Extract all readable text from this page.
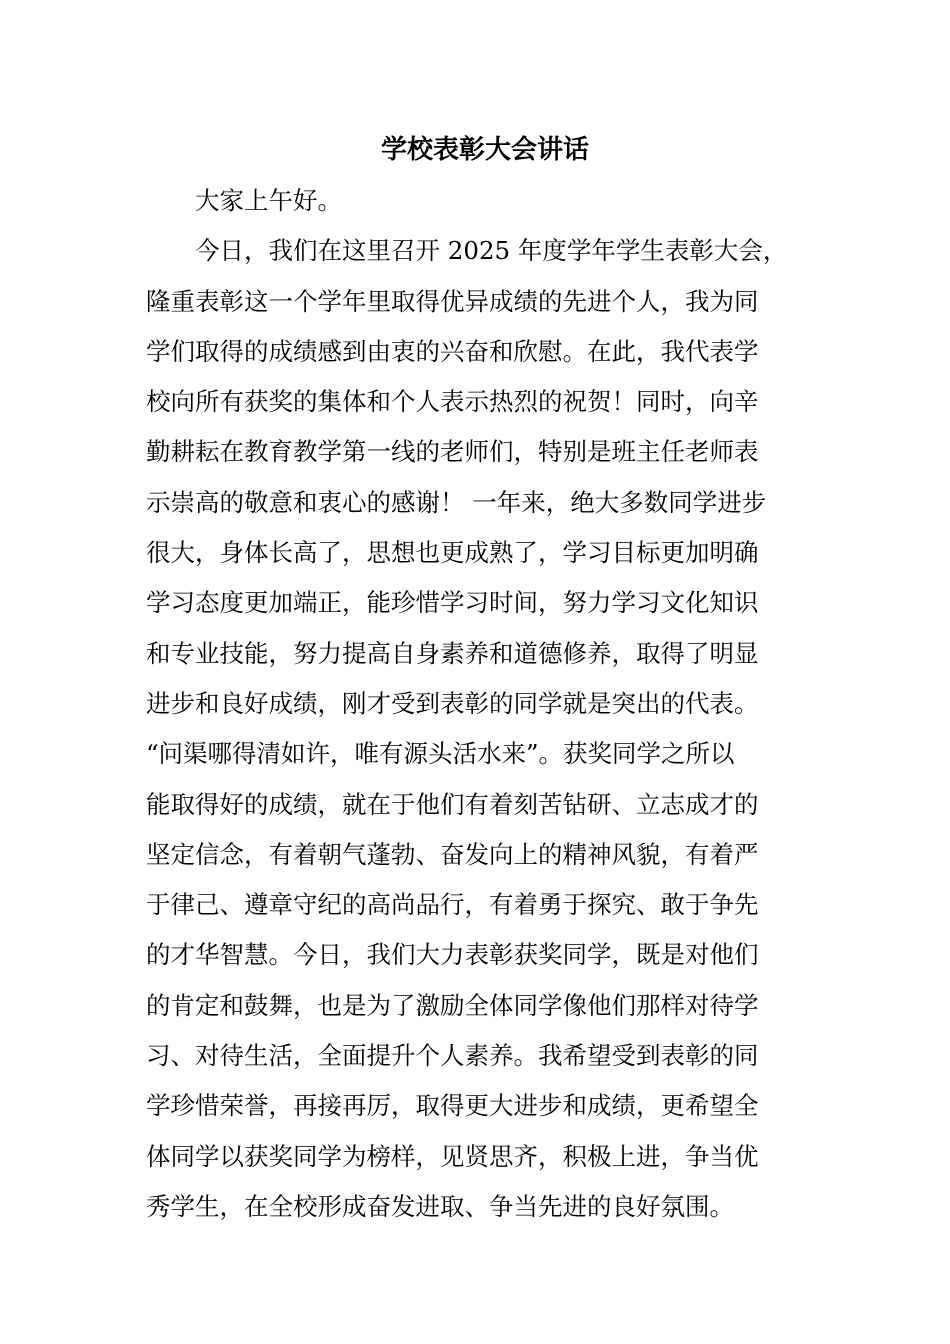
学校表彰大会讲话
大家上午好。
今日，我们在这里召开 2025 年度学年学生表彰大会，
隆重表彰这一个学年里取得优异成绩的先进个人，我为同
学们取得的成绩感到由衷的兴奋和欣慰。在此，我代表学
校向所有获奖的集体和个人表示热烈的祝贺！同时，向辛
勤耕耘在教育教学第一线的老师们，特别是班主任老师表
示崇高的敬意和衷心的感谢！ 一年来，绝大多数同学进步
很大，身体长高了，思想也更成熟了，学习目标更加明确
学习态度更加端正，能珍惜学习时间，努力学习文化知识
和专业技能，努力提高自身素养和道德修养，取得了明显
进步和良好成绩，刚才受到表彰的同学就是突出的代表。
“问渠哪得清如许，唯有源头活水来”。获奖同学之所以
能取得好的成绩，就在于他们有着刻苦钻研、立志成才的
坚定信念，有着朝气蓬勃、奋发向上的精神风貌，有着严
于律己、遵章守纪的高尚品行，有着勇于探究、敢于争先
的才华智慧。今日，我们大力表彰获奖同学，既是对他们
的肯定和鼓舞，也是为了激励全体同学像他们那样对待学
习、对待生活，全面提升个人素养。我希望受到表彰的同
学珍惜荣誉，再接再厉，取得更大进步和成绩，更希望全
体同学以获奖同学为榜样，见贤思齐，积极上进，争当优
秀学生，在全校形成奋发进取、争当先进的良好氛围。
